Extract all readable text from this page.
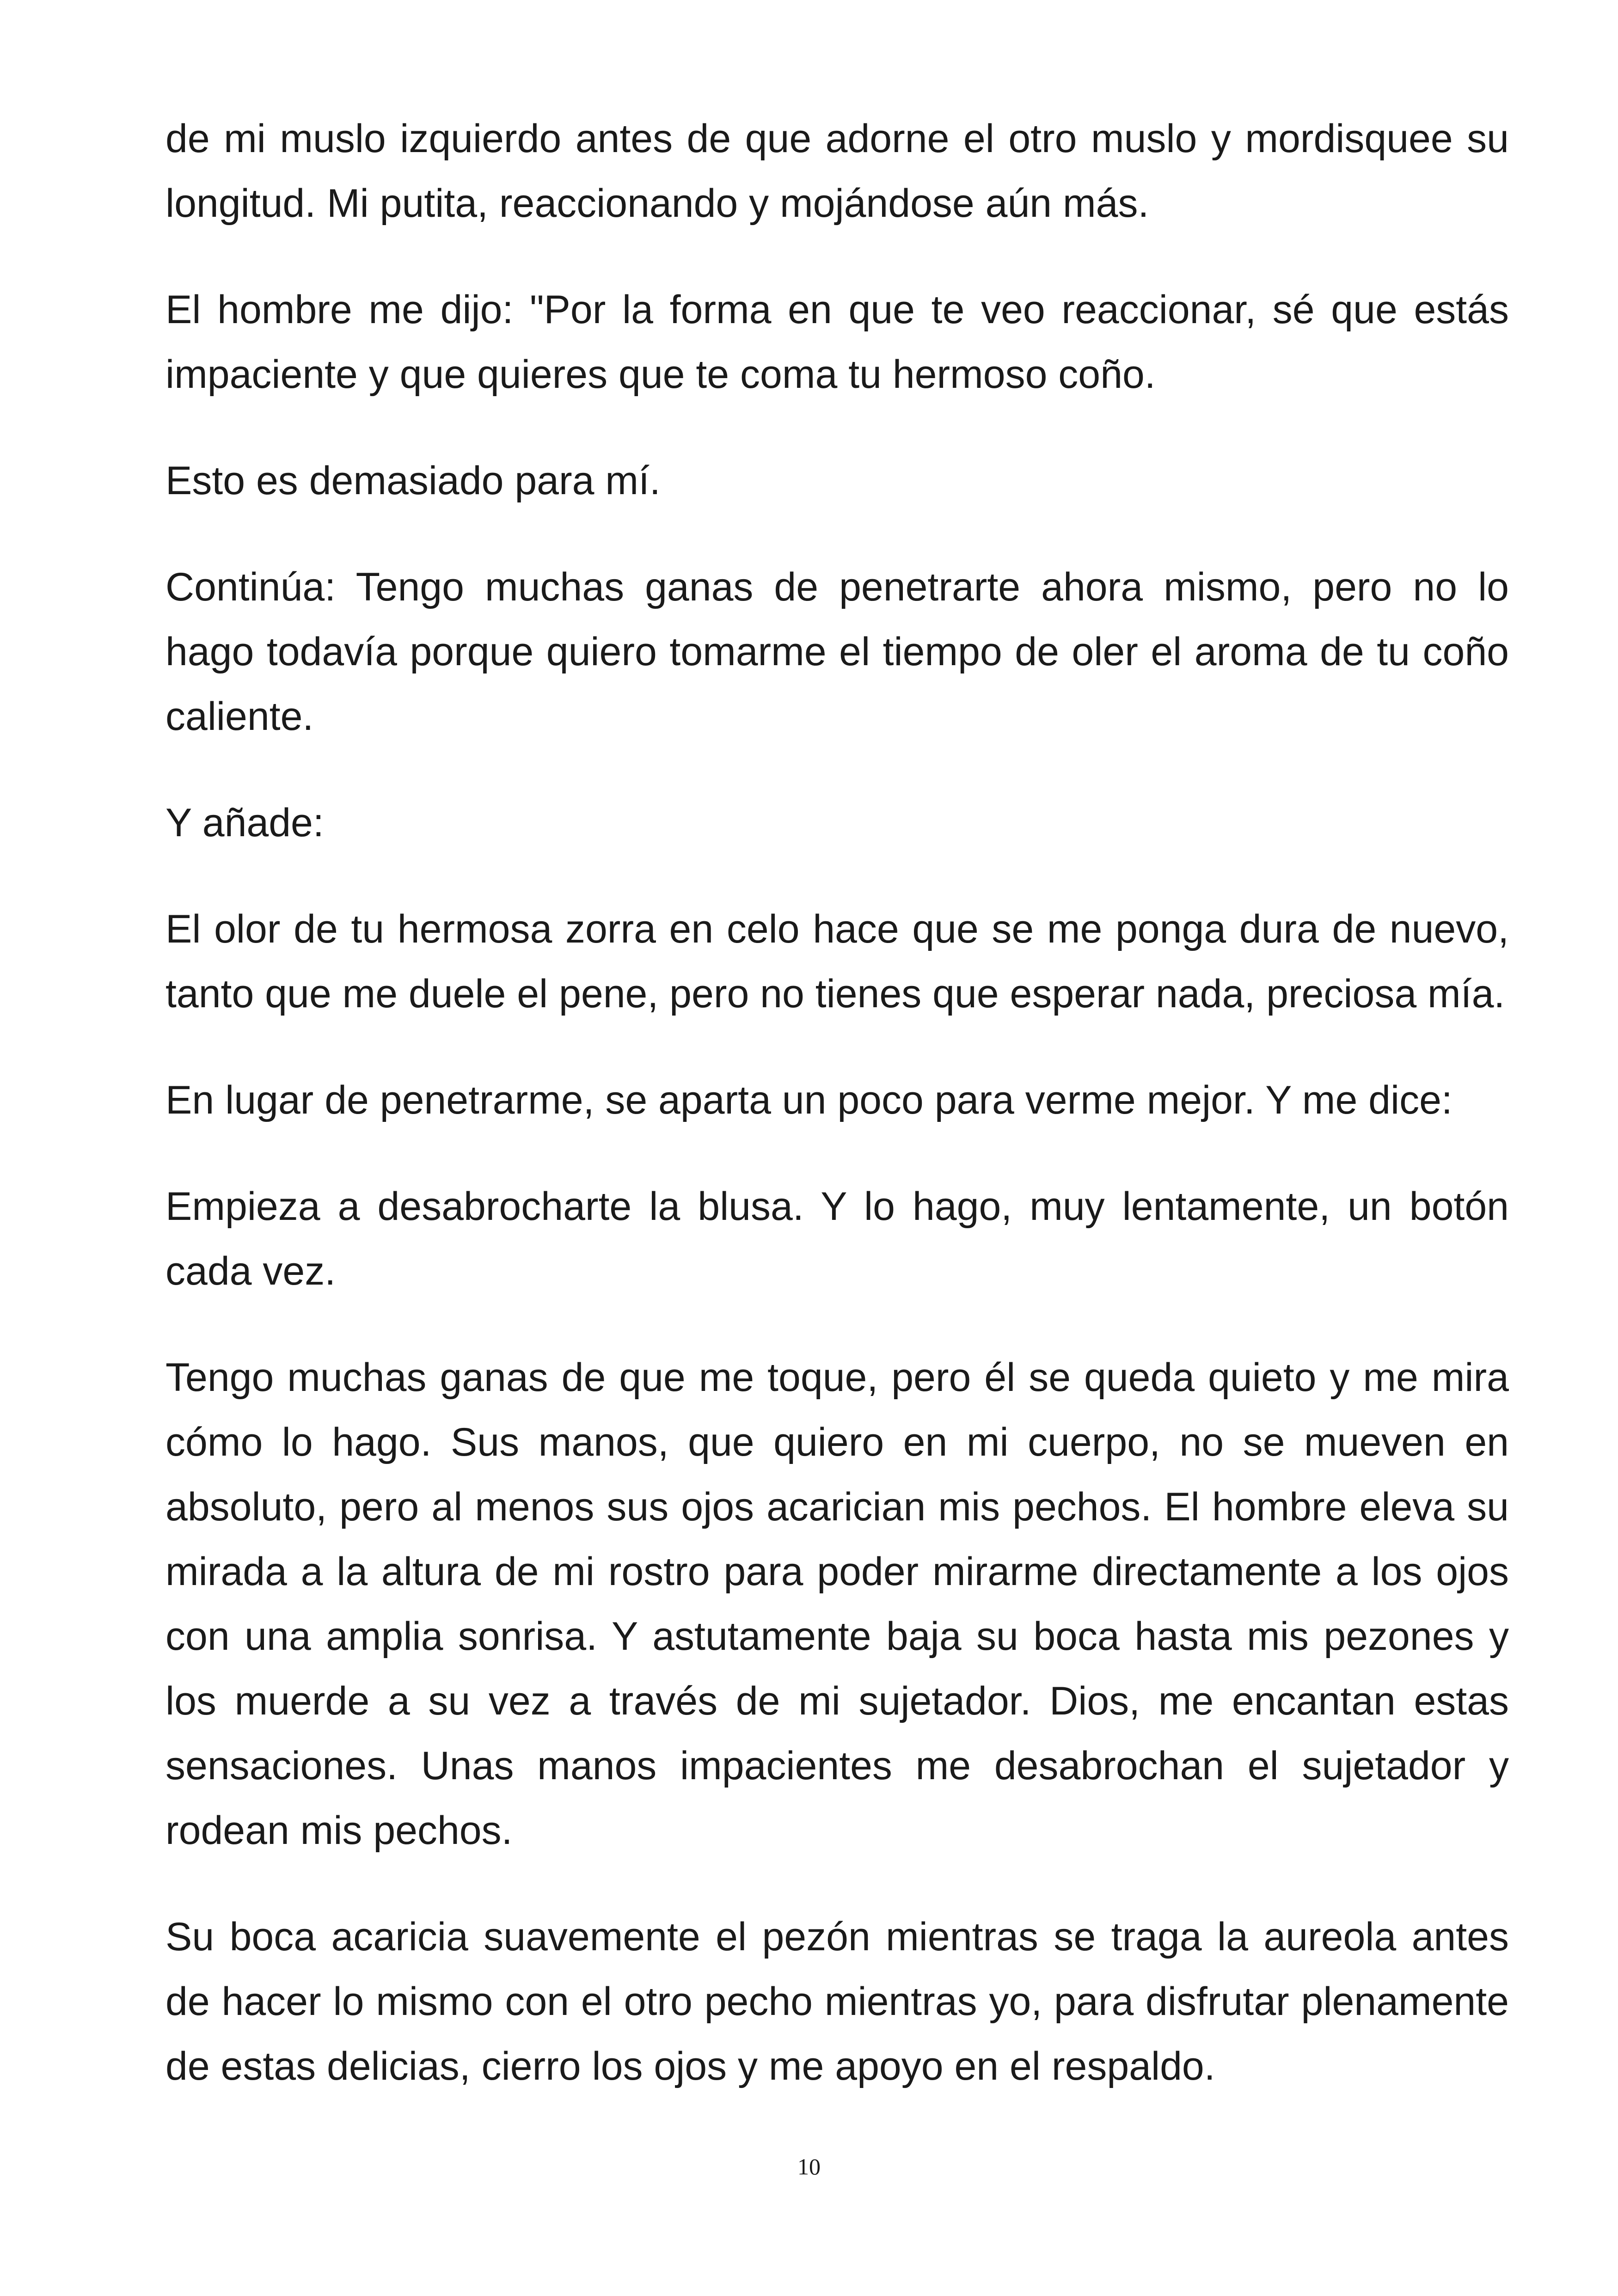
de mi muslo izquierdo antes de que adorne el otro muslo y mordisquee su longitud. Mi putita, reaccionando y mojándose aún más.

El hombre me dijo: "Por la forma en que te veo reaccionar, sé que estás impaciente y que quieres que te coma tu hermoso coño.

Esto es demasiado para mí.

Continúa: Tengo muchas ganas de penetrarte ahora mismo, pero no lo hago todavía porque quiero tomarme el tiempo de oler el aroma de tu coño caliente.

Y añade:

El olor de tu hermosa zorra en celo hace que se me ponga dura de nuevo, tanto que me duele el pene, pero no tienes que esperar nada, preciosa mía.

En lugar de penetrarme, se aparta un poco para verme mejor. Y me dice:

Empieza a desabrocharte la blusa. Y lo hago, muy lentamente, un botón cada vez.

Tengo muchas ganas de que me toque, pero él se queda quieto y me mira cómo lo hago. Sus manos, que quiero en mi cuerpo, no se mueven en absoluto, pero al menos sus ojos acarician mis pechos. El hombre eleva su mirada a la altura de mi rostro para poder mirarme directamente a los ojos con una amplia sonrisa. Y astutamente baja su boca hasta mis pezones y los muerde a su vez a través de mi sujetador. Dios, me encantan estas sensaciones. Unas manos impacientes me desabrochan el sujetador y rodean mis pechos.

Su boca acaricia suavemente el pezón mientras se traga la aureola antes de hacer lo mismo con el otro pecho mientras yo, para disfrutar plenamente de estas delicias, cierro los ojos y me apoyo en el respaldo.

10
